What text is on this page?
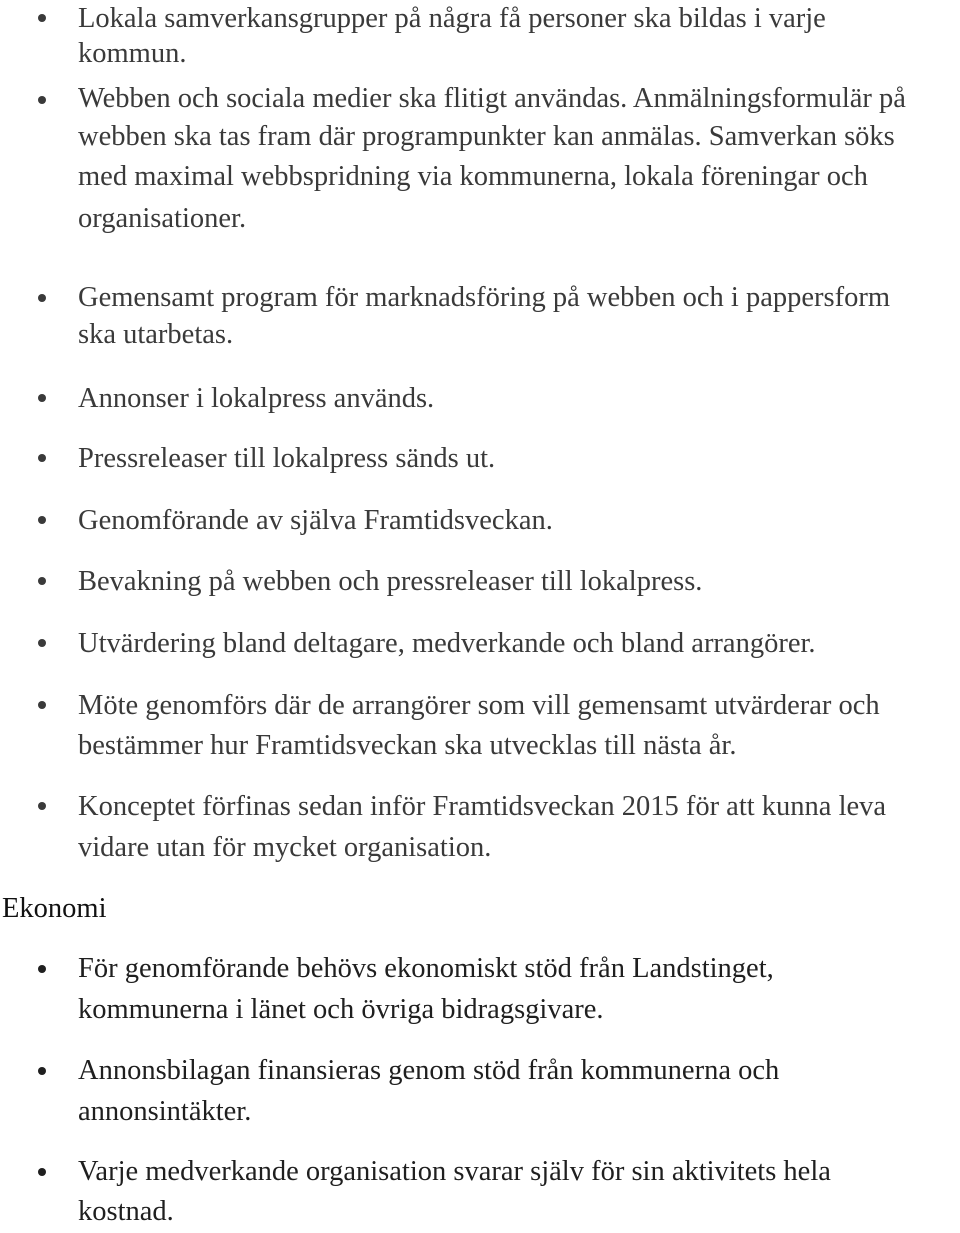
Lokala samverkansgrupper på några få personer ska bildas i varje
kommun.
Webben och sociala medier ska flitigt användas. Anmälningsformulär på
webben ska tas fram där programpunkter kan anmälas. Samverkan söks
med maximal webbspridning via kommunerna, lokala föreningar och
organisationer.
Gemensamt program för marknadsföring på webben och i pappersform
ska utarbetas.
Annonser i lokalpress används.
Pressreleaser till lokalpress sänds ut.
Genomförande av själva Framtidsveckan.
Bevakning på webben och pressreleaser till lokalpress.
Utvärdering bland deltagare, medverkande och bland arrangörer.
Möte genomförs där de arrangörer som vill gemensamt utvärderar och
bestämmer hur Framtidsveckan ska utvecklas till nästa år.
Konceptet förfinas sedan inför Framtidsveckan 2015 för att kunna leva
vidare utan för mycket organisation.
Ekonomi
För genomförande behövs ekonomiskt stöd från Landstinget,
kommunerna i länet och övriga bidragsgivare.
Annonsbilagan finansieras genom stöd från kommunerna och
annonsintäkter.
Varje medverkande organisation svarar själv för sin aktivitets hela
kostnad.
